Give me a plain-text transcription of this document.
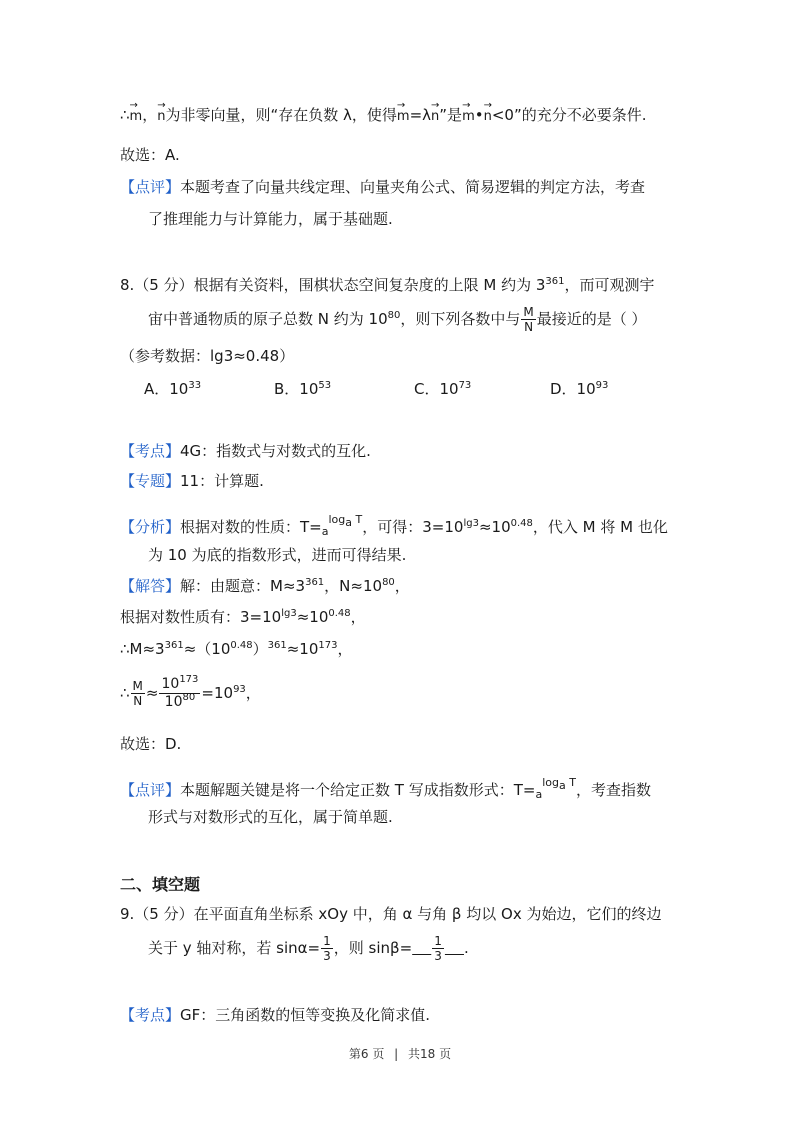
∴→ m，→ n为非零向量，则“存在负数 λ，使得→ m=λ→ n”是→ m•→ n<0”的充分不必要条件.
故选：A.
【点评】本题考查了向量共线定理、向量夹角公式、简易逻辑的判定方法，考查
了推理能力与计算能力，属于基础题.
8.（5 分）根据有关资料，围棋状态空间复杂度的上限 M 约为 $3^{361}$，而可观测宇
宙中普通物质的原子总数 N 约为 $10^{80}$，则下列各数中与 $\frac{M}{N}$ 最接近的是（ ）
（参考数据：lg3≈0.48）
A．$10^{33}$	B．$10^{53}$	C．$10^{73}$	D．$10^{93}$
【考点】4G：指数式与对数式的互化.
【专题】11：计算题.
【分析】根据对数的性质：$T=_a\log a$ T，可得：$3=10^{lg3}\approx 10^{0.48}$，代入 M 将 M 也化
为 10 为底的指数形式，进而可得结果.
【解答】解：由题意：$M\approx 3^{361}$，$N\approx 10^{80}$，
根据对数性质有：$3=10^{lg3}\approx 10^{0.48}$，
$\therefore M\approx 3^{361}\approx(10^{0.48})^{361}\approx 10^{173}$，
∴ $\frac{M}{N} \approx \frac{10^{173}}{10^{80}} =10^{93}$，
故选：D.
【点评】本题解题关键是将一个给定正数 T 写成指数形式：$T=_a\log a$ T，考查指数
形式与对数形式的互化，属于简单题.
二、填空题
9.（5 分）在平面直角坐标系 xOy 中，角 α 与角 β 均以 Ox 为始边，它们的终边
关于 y 轴对称，若 $\sin\alpha= \frac{1}{3}$ ，则 $\sin\beta= \frac{1}{3}$ .
【考点】GF：三角函数的恒等变换及化简求值.
第6 页 | 共18 页
